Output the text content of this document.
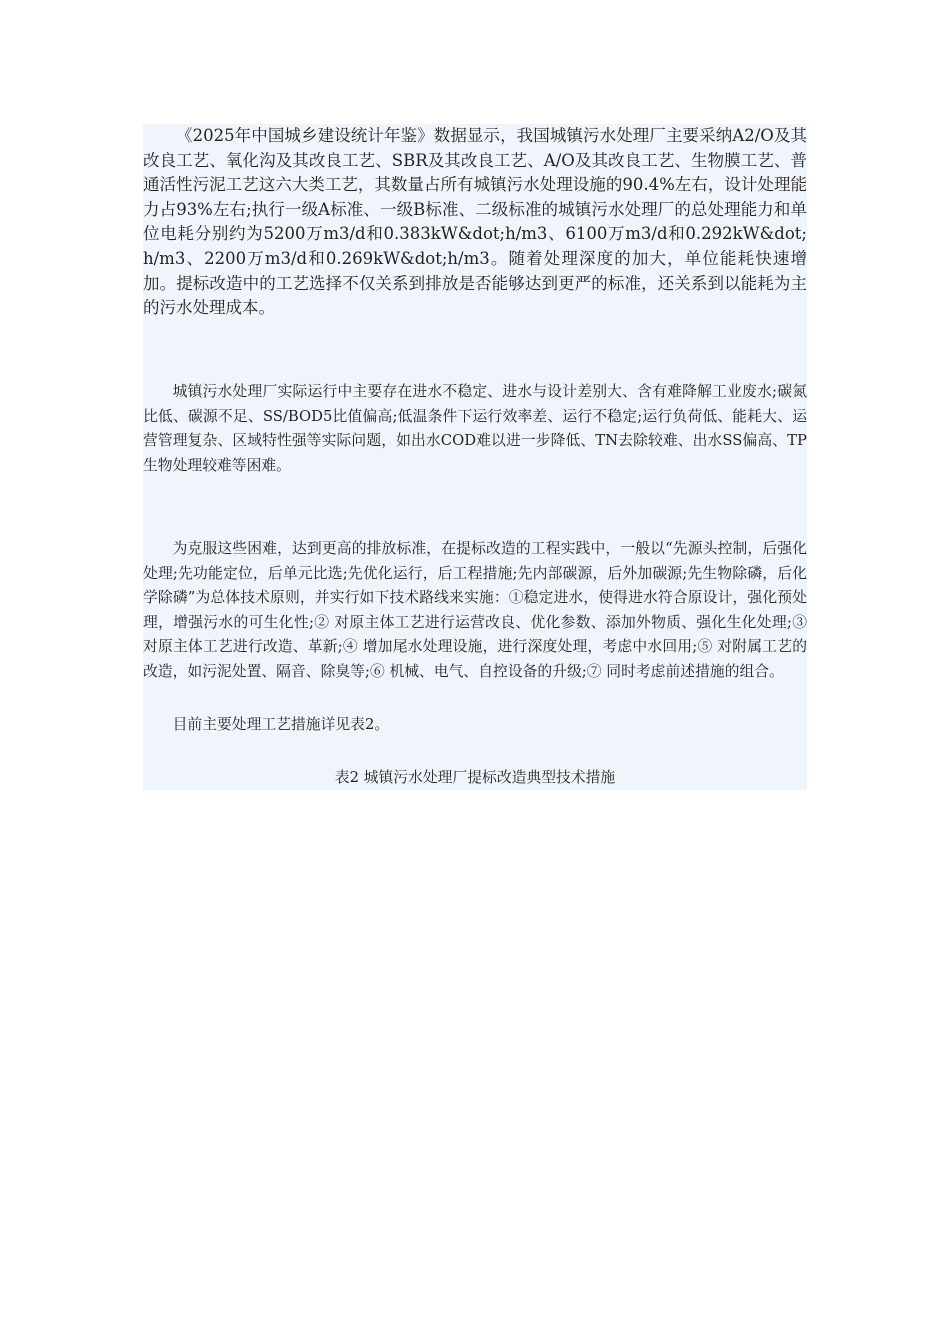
《2025年中国城乡建设统计年鉴》数据显示，我国城镇污水处理厂主要采纳A2/O及其改良工艺、氧化沟及其改良工艺、SBR及其改良工艺、A/O及其改良工艺、生物膜工艺、普通活性污泥工艺这六大类工艺，其数量占所有城镇污水处理设施的90.4%左右，设计处理能力占93%左右;执行一级A标准、一级B标准、二级标准的城镇污水处理厂的总处理能力和单位电耗分别约为5200万m3/d和0.383kW&dot;h/m3、6100万m3/d和0.292kW&dot;h/m3、2200万m3/d和0.269kW&dot;h/m3。随着处理深度的加大，单位能耗快速增加。提标改造中的工艺选择不仅关系到排放是否能够达到更严的标准，还关系到以能耗为主的污水处理成本。

城镇污水处理厂实际运行中主要存在进水不稳定、进水与设计差别大、含有难降解工业废水;碳氮比低、碳源不足、SS/BOD5比值偏高;低温条件下运行效率差、运行不稳定;运行负荷低、能耗大、运营管理复杂、区域特性强等实际问题，如出水COD难以进一步降低、TN去除较难、出水SS偏高、TP生物处理较难等困难。

为克服这些困难，达到更高的排放标准，在提标改造的工程实践中，一般以“先源头控制，后强化处理;先功能定位，后单元比选;先优化运行，后工程措施;先内部碳源，后外加碳源;先生物除磷，后化学除磷”为总体技术原则，并实行如下技术路线来实施：①稳定进水，使得进水符合原设计，强化预处理，增强污水的可生化性;② 对原主体工艺进行运营改良、优化参数、添加外物质、强化生化处理;③ 对原主体工艺进行改造、革新;④ 增加尾水处理设施，进行深度处理，考虑中水回用;⑤ 对附属工艺的改造，如污泥处置、隔音、除臭等;⑥ 机械、电气、自控设备的升级;⑦ 同时考虑前述措施的组合。

目前主要处理工艺措施详见表2。

表2 城镇污水处理厂提标改造典型技术措施
